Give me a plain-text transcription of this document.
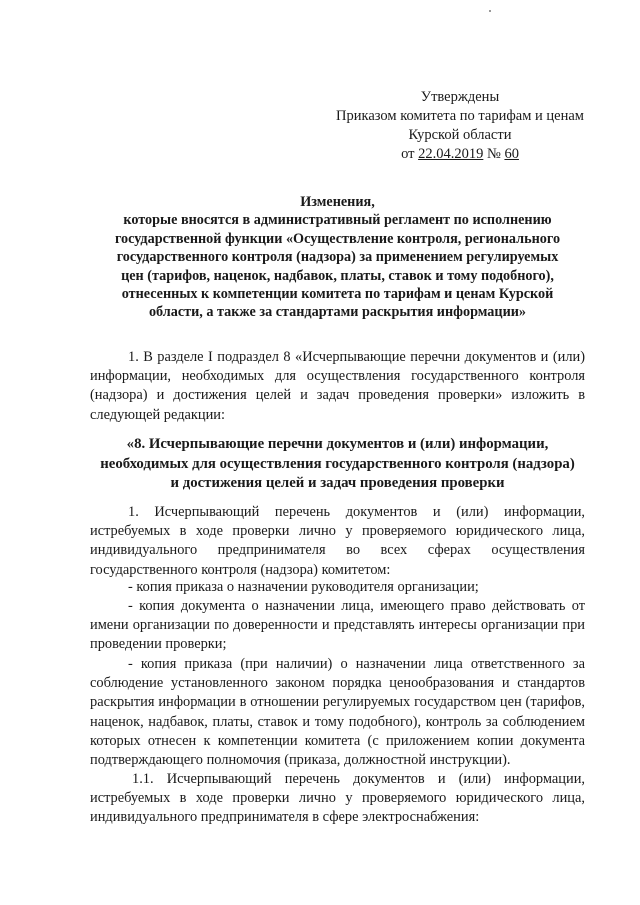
Утверждены
Приказом комитета по тарифам и ценам
Курской области
от 22.04.2019 № 60
Изменения,
которые вносятся в административный регламент по исполнению
государственной функции «Осуществление контроля, регионального
государственного контроля (надзора) за применением регулируемых
цен (тарифов, наценок, надбавок, платы, ставок и тому подобного),
отнесенных к компетенции комитета по тарифам и ценам Курской
области, а также за стандартами раскрытия информации»
1. В разделе I подраздел 8 «Исчерпывающие перечни документов и (или) информации, необходимых для осуществления государственного контроля (надзора) и достижения целей и задач проведения проверки» изложить в следующей редакции:
«8. Исчерпывающие перечни документов и (или) информации,
необходимых для осуществления государственного контроля (надзора)
и достижения целей и задач проведения проверки
1. Исчерпывающий перечень документов и (или) информации, истребуемых в ходе проверки лично у проверяемого юридического лица, индивидуального предпринимателя во всех сферах осуществления государственного контроля (надзора) комитетом:
- копия приказа о назначении руководителя организации;
- копия документа о назначении лица, имеющего право действовать от имени организации по доверенности и представлять интересы организации при проведении проверки;
- копия приказа (при наличии) о назначении лица ответственного за соблюдение установленного законом порядка ценообразования и стандартов раскрытия информации в отношении регулируемых государством цен (тарифов, наценок, надбавок, платы, ставок и тому подобного), контроль за соблюдением которых отнесен к компетенции комитета (с приложением копии документа подтверждающего полномочия (приказа, должностной инструкции).
1.1. Исчерпывающий перечень документов и (или) информации, истребуемых в ходе проверки лично у проверяемого юридического лица, индивидуального предпринимателя в сфере электроснабжения:
